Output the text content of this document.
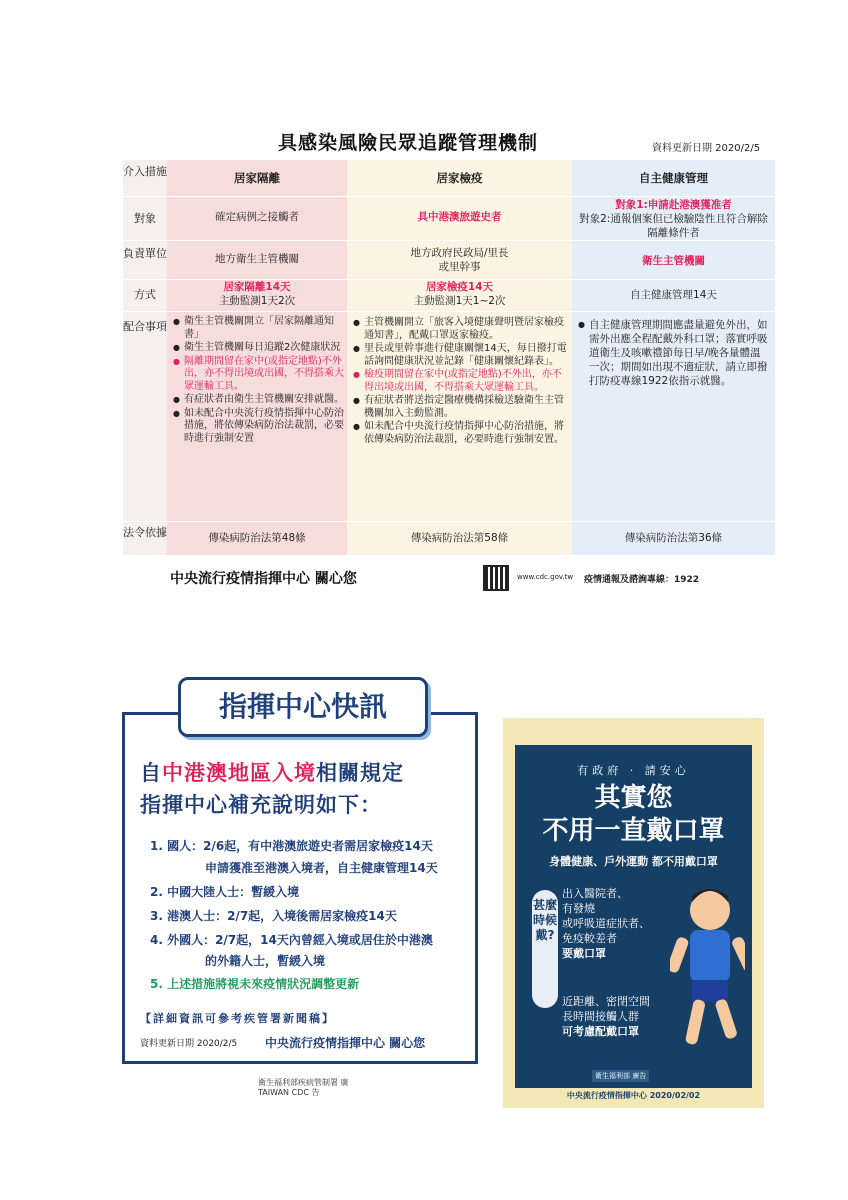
具感染風險民眾追蹤管理機制	資料更新日期 2020/2/5
介入措施
對象
負責單位
方式
配合事項
法令依據
居家隔離
確定病例之接觸者
地方衛生主管機關
居家隔離14天
主動監測1天2次
● 衛生主管機關開立「居家隔離通知書」
● 衛生主管機關每日追蹤2次健康狀況
● 隔離期間留在家中(或指定地點)不外出，亦不得出境或出國，不得搭乘大眾運輸工具。
● 有症狀者由衛生主管機關安排就醫。
● 如未配合中央流行疫情指揮中心防治措施，將依傳染病防治法裁罰，必要時進行強制安置
傳染病防治法第48條
居家檢疫
具中港澳旅遊史者
地方政府民政局/里長或里幹事
居家檢疫14天
主動監測1天1~2次
● 主管機關開立「旅客入境健康聲明暨居家檢疫通知書」，配戴口罩返家檢疫。
● 里長或里幹事進行健康關懷14天，每日撥打電話詢問健康狀況並記錄「健康關懷紀錄表」。
● 檢疫期間留在家中(或指定地點)不外出，亦不得出境或出國，不得搭乘大眾運輸工具。
● 有症狀者將送指定醫療機構採檢送驗衛生主管機關加入主動監測。
● 如未配合中央流行疫情指揮中心防治措施，將依傳染病防治法裁罰，必要時進行強制安置。
傳染病防治法第58條
自主健康管理
對象1:申請赴港澳獲准者
對象2:通報個案但已檢驗陰性且符合解除隔離條件者
衛生主管機關
自主健康管理14天
● 自主健康管理期間應盡量避免外出，如需外出應全程配戴外科口罩；落實呼吸道衛生及咳嗽禮節每日早/晚各量體溫一次；期間如出現不適症狀，請立即撥打防疫專線1922依指示就醫。
傳染病防治法第36條
中央流行疫情指揮中心 關心您	www.cdc.gov.tw 疫情通報及諮詢專線：1922
指揮中心快訊
自中港澳地區入境相關規定
指揮中心補充說明如下：
1. 國人：2/6起，有中港澳旅遊史者需居家檢疫14天
申請獲准至港澳入境者，自主健康管理14天
2. 中國大陸人士：暫緩入境
3. 港澳人士：2/7起，入境後需居家檢疫14天
4. 外國人：2/7起，14天內曾經入境或居住於中港澳
的外籍人士，暫緩入境
5. 上述措施將視未來疫情狀況調整更新
【詳細資訊可參考疾管署新聞稿】
資料更新日期 2020/2/5 中央流行疫情指揮中心 關心您
衛生福利部疾病管制署 廣
TAIWAN CDC 告
有政府 · 請安心
其實您
不用一直戴口罩
身體健康、戶外運動 都不用戴口罩
甚麼時候戴?
出入醫院者、
有發燒
或呼吸道症狀者、
免疫較差者
要戴口罩
近距離、密閉空間
長時間接觸人群
可考慮配戴口罩
衛生福利部 廣告
中央流行疫情指揮中心 2020/02/02
